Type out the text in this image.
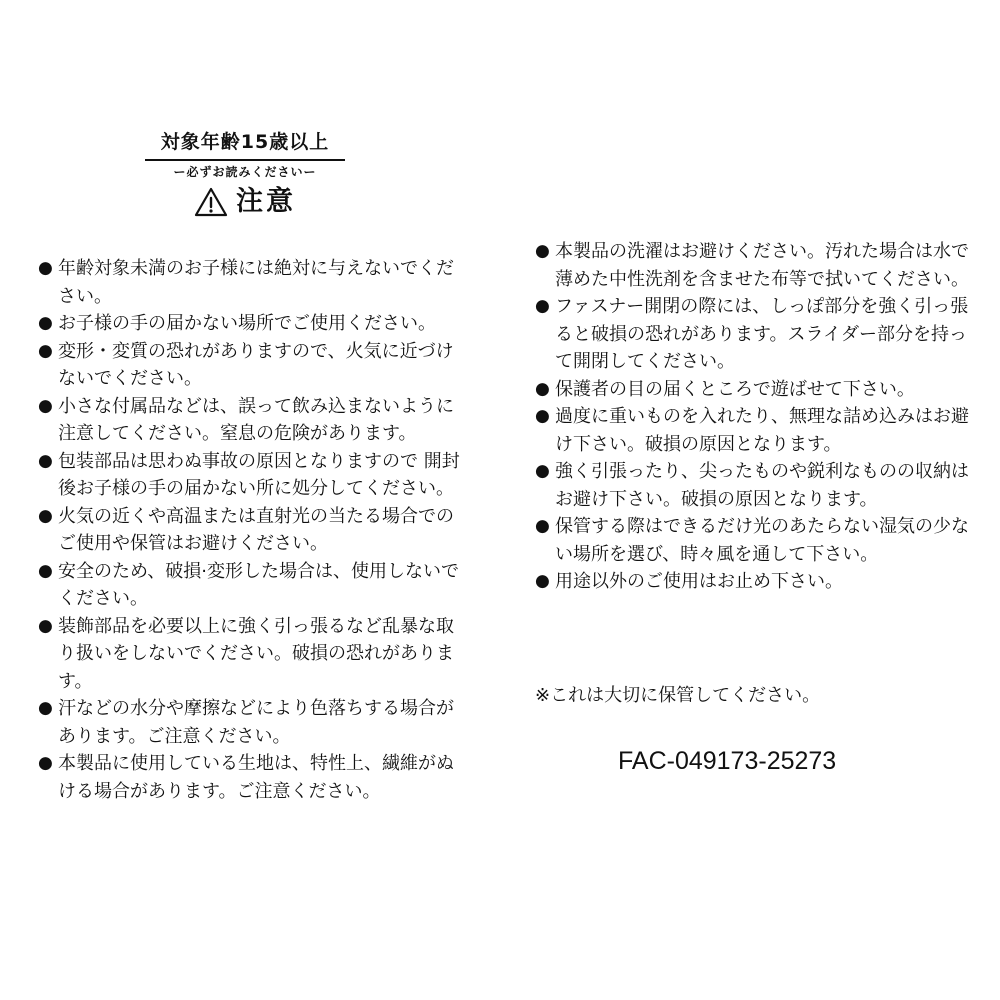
対象年齢15歳以上
ー必ずお読みくださいー
注意
● 年齢対象未満のお子様には絶対に与えないでください。
● お子様の手の届かない場所でご使用ください。
● 変形・変質の恐れがありますので、火気に近づけないでください。
● 小さな付属品などは、誤って飲み込まないように注意してください。窒息の危険があります。
● 包装部品は思わぬ事故の原因となりますので 開封後お子様の手の届かない所に処分してください。
● 火気の近くや高温または直射光の当たる場合でのご使用や保管はお避けください。
● 安全のため、破損·変形した場合は、使用しないでください。
● 装飾部品を必要以上に強く引っ張るなど乱暴な取り扱いをしないでください。破損の恐れがあります。
● 汗などの水分や摩擦などにより色落ちする場合があります。ご注意ください。
● 本製品に使用している生地は、特性上、繊維がぬける場合があります。ご注意ください。
● 本製品の洗濯はお避けください。汚れた場合は水で薄めた中性洗剤を含ませた布等で拭いてください。
● ファスナー開閉の際には、しっぽ部分を強く引っ張ると破損の恐れがあります。スライダー部分を持って開閉してください。
● 保護者の目の届くところで遊ばせて下さい。
● 過度に重いものを入れたり、無理な詰め込みはお避け下さい。破損の原因となります。
● 強く引張ったり、尖ったものや鋭利なものの収納はお避け下さい。破損の原因となります。
● 保管する際はできるだけ光のあたらない湿気の少ない場所を選び、時々風を通して下さい。
● 用途以外のご使用はお止め下さい。
※これは大切に保管してください。
FAC-049173-25273
